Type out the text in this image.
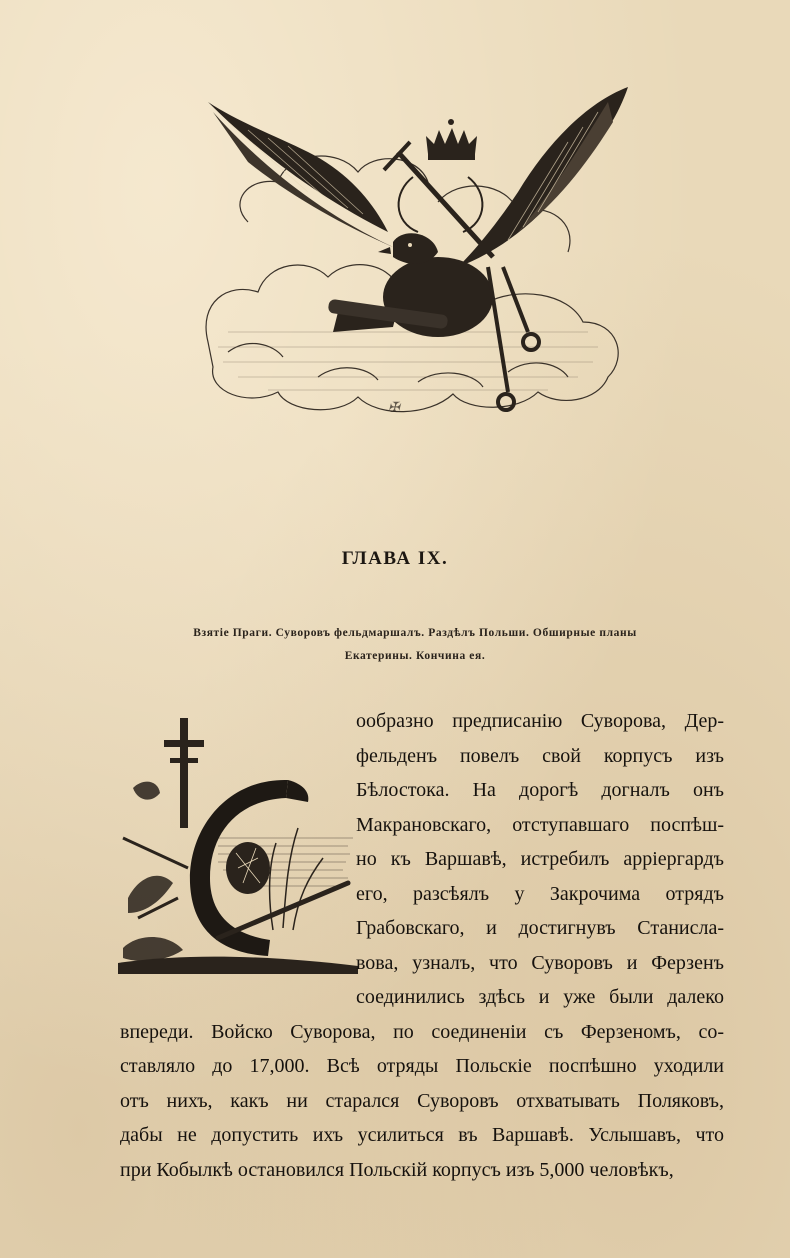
✠
ГЛАВА IX.
Взятіе Праги. Суворовъ фельдмаршалъ. Раздѣлъ Польши. Обширные планы
Екатерины. Кончина ея.
ообразно предписанію Суворова, Дер-
фельденъ повелъ свой корпусъ изъ
Бѣлостока. На дорогѣ догналъ онъ
Макрановскаго, отступавшаго поспѣш-
но къ Варшавѣ, истребилъ арріергардъ
его, разсѣялъ у Закрочима отрядъ
Грабовскаго, и достигнувъ Станисла-
вова, узналъ, что Суворовъ и Ферзенъ
соединились здѣсь и уже были далеко
впереди. Войско Суворова, по соединеніи съ Ферзеномъ, со-
ставляло до 17,000. Всѣ отряды Польскіе поспѣшно уходили
отъ нихъ, какъ ни старался Суворовъ отхватывать Поляковъ,
дабы не допустить ихъ усилиться въ Варшавѣ. Услышавъ, что
при Кобылкѣ остановился Польскій корпусъ изъ 5,000 человѣкъ,
